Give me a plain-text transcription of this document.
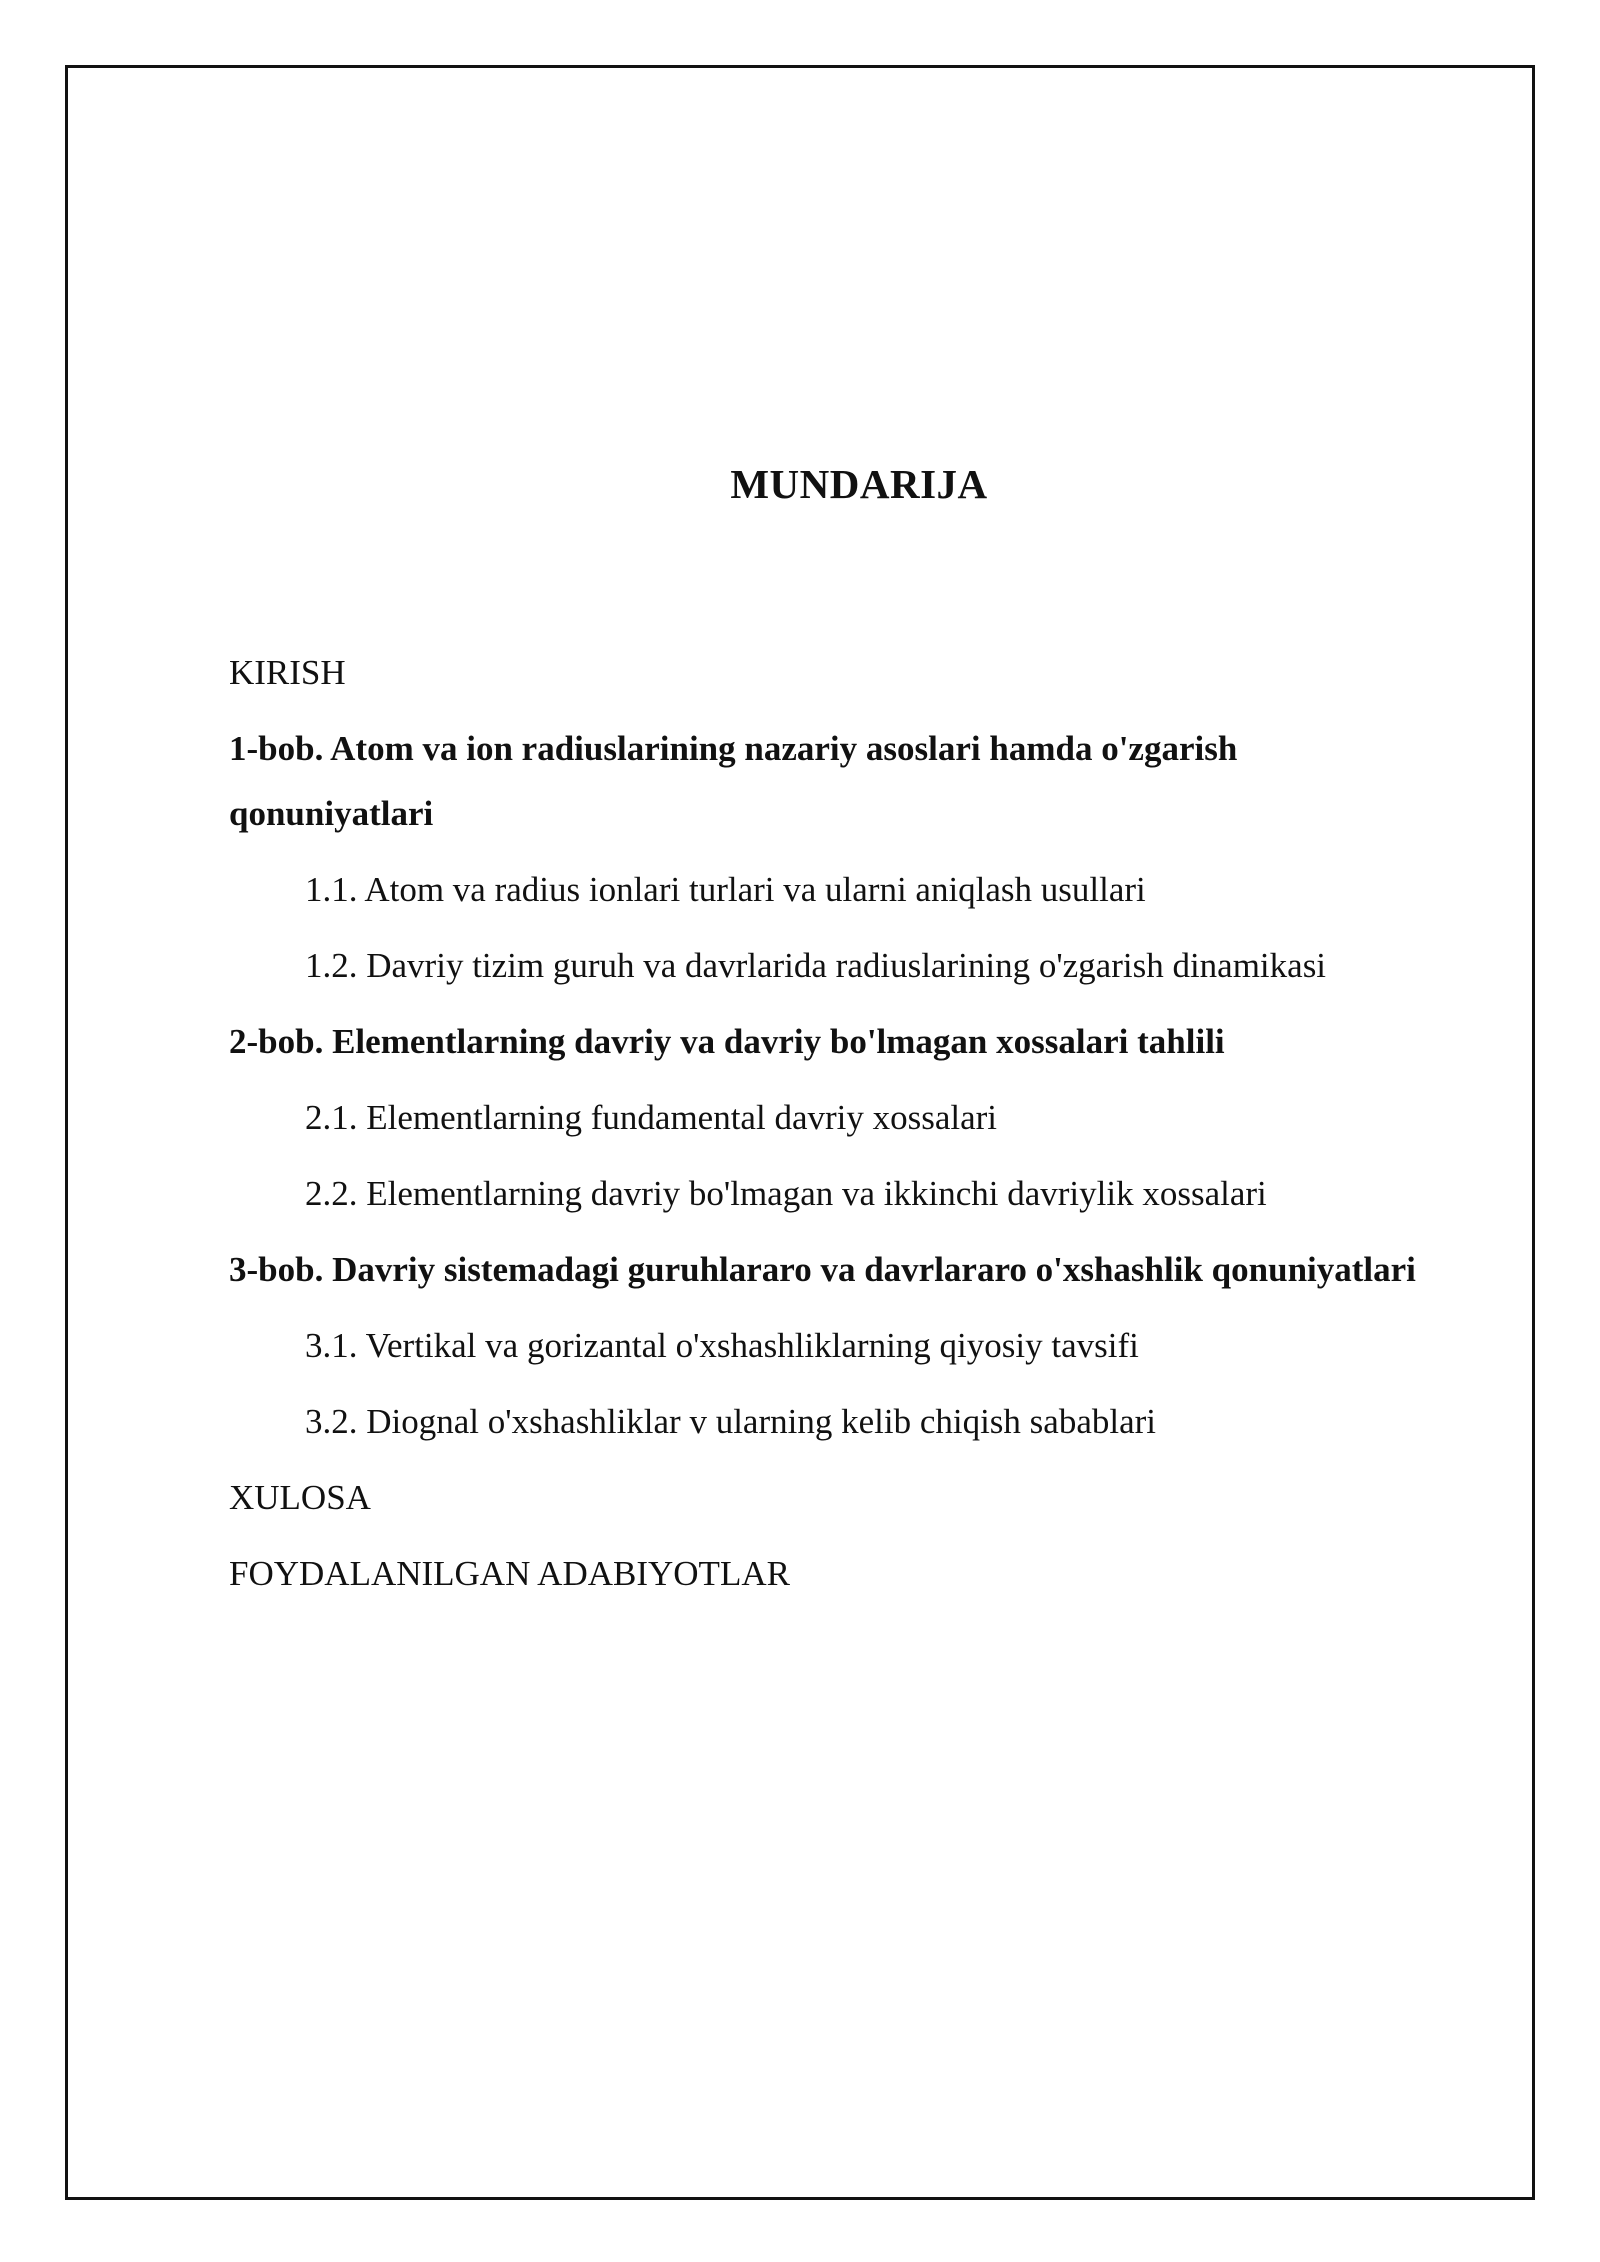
MUNDARIJA
KIRISH
1-bob. Atom va ion radiuslarining nazariy asoslari hamda o'zgarish qonuniyatlari
1.1. Atom va radius ionlari turlari va ularni aniqlash usullari
1.2. Davriy tizim guruh va davrlarida radiuslarining o'zgarish dinamikasi
2-bob. Elementlarning davriy va davriy bo'lmagan xossalari tahlili
2.1. Elementlarning fundamental davriy xossalari
2.2. Elementlarning davriy bo'lmagan va ikkinchi davriylik xossalari
3-bob. Davriy sistemadagi guruhlararo va davrlararo o'xshashlik qonuniyatlari
3.1. Vertikal va gorizantal o'xshashliklarning qiyosiy tavsifi
3.2. Diognal o'xshashliklar v ularning kelib chiqish sabablari
XULOSA
FOYDALANILGAN ADABIYOTLAR
